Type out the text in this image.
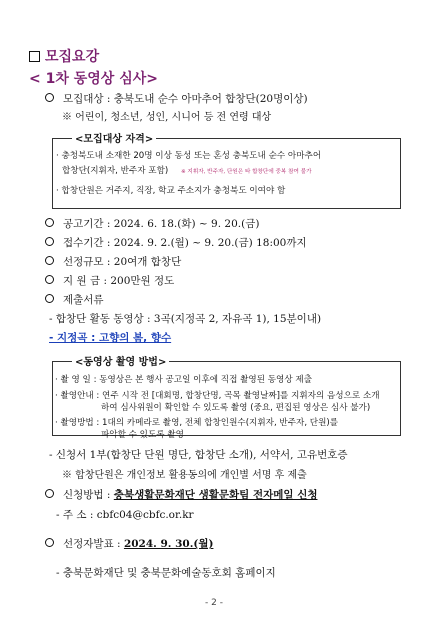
모집요강
< 1차 동영상 심사>
모집대상 : 충북도내 순수 아마추어 합창단(20명이상)
※ 어린이, 청소년, 성인, 시니어 등 전 연령 대상
<모집대상 자격>
· 충청북도내 소재한 20명 이상 동성 또는 혼성 충북도내 순수 아마추어
합창단(지휘자, 반주자 포함) ※ 지휘자, 반주자, 단원은 타 합창단에 중복 참여 불가
· 합창단원은 거주지, 직장, 학교 주소지가 충청북도 이여야 함
공고기간 : 2024. 6. 18.(화) ~ 9. 20.(금)
접수기간 : 2024. 9. 2.(월) ~ 9. 20.(금) 18:00까지
선정규모 : 20여개 합창단
지 원 금 : 200만원 정도
제출서류
- 합창단 활동 동영상 : 3곡(지정곡 2, 자유곡 1), 15분이내)
- 지정곡 : 고향의 봄, 향수
<동영상 촬영 방법>
· 촬 영 일 : 동영상은 본 행사 공고일 이후에 직접 촬영된 동영상 제출
· 촬영안내 : 연주 시작 전 [대회명, 합창단명, 곡목 촬영날짜]를 지휘자의 음성으로 소개
하여 심사위원이 확인할 수 있도록 촬영 (중요, 편집된 영상은 심사 불가)
· 촬영방법 : 1대의 카메라로 촬영, 전체 합창인원수(지휘자, 반주자, 단원)를
파악할 수 있도록 촬영
- 신청서 1부(합창단 단원 명단, 합창단 소개), 서약서, 고유번호증
※ 합창단원은 개인정보 활용동의에 개인별 서명 후 제출
신청방법 : 충북생활문화재단 생활문화팀 전자메일 신청
- 주 소 : cbfc04@cbfc.or.kr
선정자발표 : 2024. 9. 30.(월)
- 충북문화재단 및 충북문화예술동호회 홈페이지
- 2 -
